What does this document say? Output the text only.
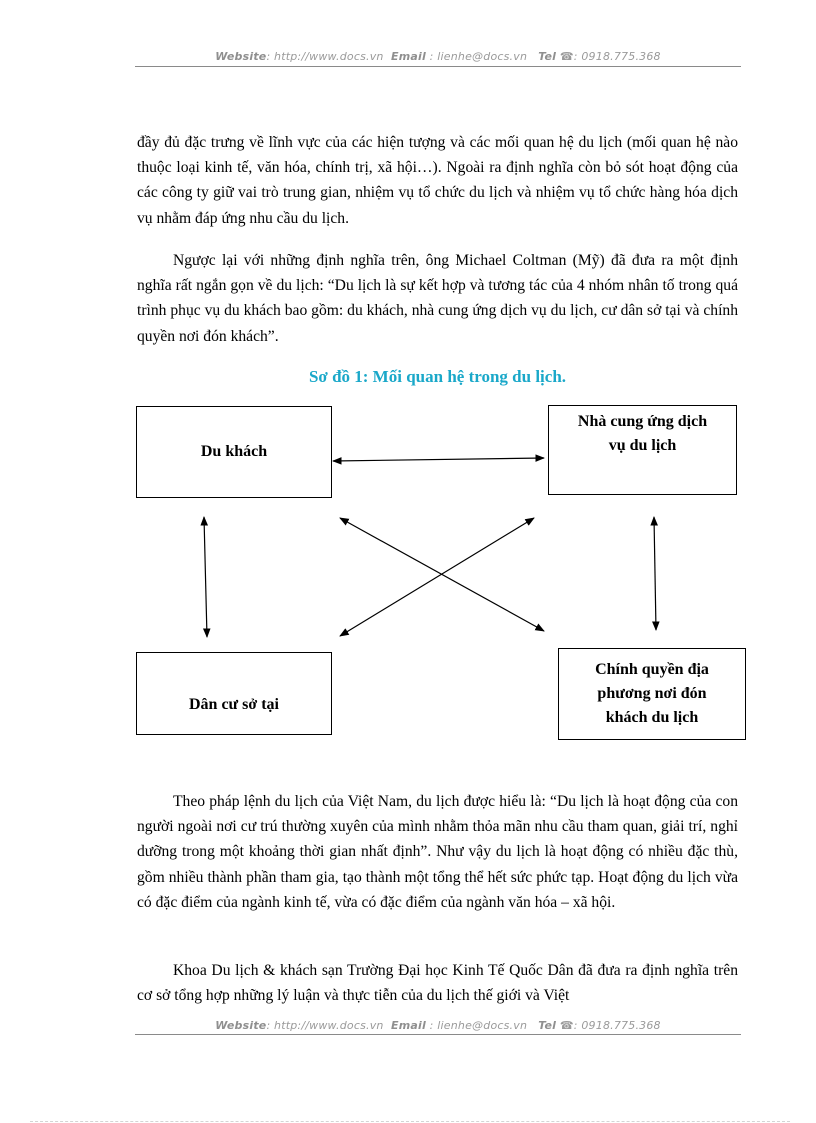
Website: http://www.docs.vn Email : lienhe@docs.vn Tel ☎: 0918.775.368

đầy đủ đặc trưng về lĩnh vực của các hiện tượng và các mối quan hệ du lịch (mối quan hệ nào thuộc loại kinh tế, văn hóa, chính trị, xã hội…). Ngoài ra định nghĩa còn bỏ sót hoạt động của các công ty giữ vai trò trung gian, nhiệm vụ tổ chức du lịch và nhiệm vụ tổ chức hàng hóa dịch vụ nhằm đáp ứng nhu cầu du lịch.

Ngược lại với những định nghĩa trên, ông Michael Coltman (Mỹ) đã đưa ra một định nghĩa rất ngắn gọn về du lịch: “Du lịch là sự kết hợp và tương tác của 4 nhóm nhân tố trong quá trình phục vụ du khách bao gồm: du khách, nhà cung ứng dịch vụ du lịch, cư dân sở tại và chính quyền nơi đón khách”.

Sơ đồ 1: Mối quan hệ trong du lịch.
Du khách
Nhà cung ứng dịch vụ du lịch
Dân cư sở tại
Chính quyền địa phương nơi đón khách du lịch

Theo pháp lệnh du lịch của Việt Nam, du lịch được hiểu là: “Du lịch là hoạt động của con người ngoài nơi cư trú thường xuyên của mình nhằm thỏa mãn nhu cầu tham quan, giải trí, nghỉ dưỡng trong một khoảng thời gian nhất định”. Như vậy du lịch là hoạt động có nhiều đặc thù, gồm nhiều thành phần tham gia, tạo thành một tổng thể hết sức phức tạp. Hoạt động du lịch vừa có đặc điểm của ngành kinh tế, vừa có đặc điểm của ngành văn hóa – xã hội.

Khoa Du lịch & khách sạn Trường Đại học Kinh Tế Quốc Dân đã đưa ra định nghĩa trên cơ sở tổng hợp những lý luận và thực tiễn của du lịch thế giới và Việt

Website: http://www.docs.vn Email : lienhe@docs.vn Tel ☎: 0918.775.368
